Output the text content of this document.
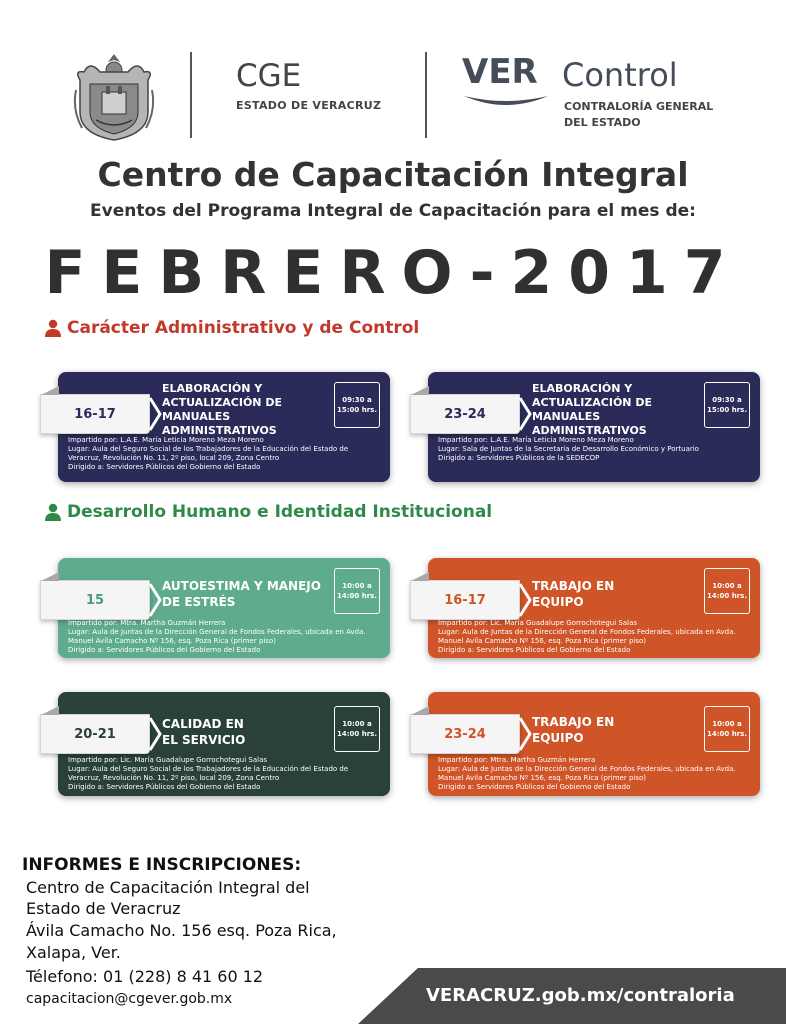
CGE
ESTADO DE VERACRUZ
VER Control
CONTRALORÍA GENERAL
DEL ESTADO
Centro de Capacitación Integral
Eventos del Programa Integral de Capacitación para el mes de:
FEBRERO-2017
Carácter Administrativo y de Control
Desarrollo Humano e Identidad Institucional
16-17
ELABORACIÓN Y
ACTUALIZACIÓN DE
MANUALES ADMINISTRATIVOS
09:30 a
15:00 hrs.
Impartido por: L.A.E. María Leticia Moreno Meza Moreno
Lugar: Aula del Seguro Social de los Trabajadores de la Educación del Estado de
Veracruz, Revolución No. 11, 2º piso, local 209, Zona Centro
Dirigido a: Servidores Públicos del Gobierno del Estado
23-24
ELABORACIÓN Y
ACTUALIZACIÓN DE
MANUALES ADMINISTRATIVOS
09:30 a
15:00 hrs.
Impartido por: L.A.E. María Leticia Moreno Meza Moreno
Lugar: Sala de Juntas de la Secretaría de Desarrollo Económico y Portuario
Dirigido a: Servidores Públicos de la SEDECOP
15
AUTOESTIMA Y MANEJO
DE ESTRÉS
10:00 a
14:00 hrs.
Impartido por: Mtra. Martha Guzmán Herrera
Lugar: Aula de Juntas de la Dirección General de Fondos Federales, ubicada en Avda.
Manuel Ávila Camacho Nº 156, esq. Poza Rica (primer piso)
Dirigido a: Servidores Públicos del Gobierno del Estado
16-17
TRABAJO EN
EQUIPO
10:00 a
14:00 hrs.
Impartido por: Lic. María Guadalupe Gorrochotegui Salas
Lugar: Aula de Juntas de la Dirección General de Fondos Federales, ubicada en Avda.
Manuel Ávila Camacho Nº 156, esq. Poza Rica (primer piso)
Dirigido a: Servidores Públicos del Gobierno del Estado
20-21
CALIDAD EN
EL SERVICIO
10:00 a
14:00 hrs.
Impartido por: Lic. María Guadalupe Gorrochotegui Salas
Lugar: Aula del Seguro Social de los Trabajadores de la Educación del Estado de
Veracruz, Revolución No. 11, 2º piso, local 209, Zona Centro
Dirigido a: Servidores Públicos del Gobierno del Estado
23-24
TRABAJO EN
EQUIPO
10:00 a
14:00 hrs.
Impartido por: Mtra. Martha Guzmán Herrera
Lugar: Aula de Juntas de la Dirección General de Fondos Federales, ubicada en Avda.
Manuel Ávila Camacho Nº 156, esq. Poza Rica (primer piso)
Dirigido a: Servidores Públicos del Gobierno del Estado
INFORMES E INSCRIPCIONES:
Centro de Capacitación Integral del
Estado de Veracruz
Ávila Camacho No. 156 esq. Poza Rica,
Xalapa, Ver.
Télefono: 01 (228) 8 41 60 12
capacitacion@cgever.gob.mx	VERACRUZ.gob.mx/contraloria
